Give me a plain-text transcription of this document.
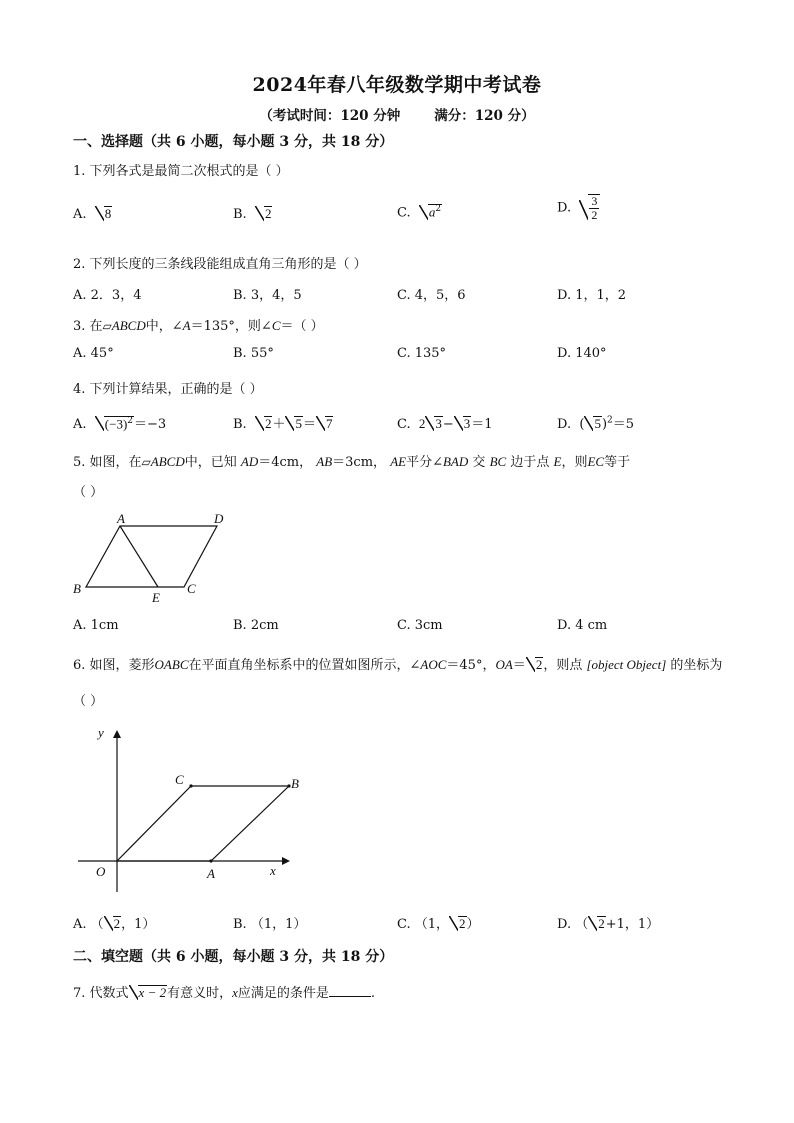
2024年春八年级数学期中考试卷
（考试时间：120 分钟	满分：120 分）
一、选择题（共 6 小题，每小题 3 分，共 18 分）
1. 下列各式是最简二次根式的是（ ）
A. 8	B. 2	C. $a^2$	D. $\frac{3}{2}$
2. 下列长度的三条线段能组成直角三角形的是（ ）
A. 2．3，4	B. 3，4，5	C. 4，5，6	D. 1，1，2
3. 在▱ABCD中，∠A＝135°，则∠C＝（ ）
A. 45°	B. 55°	C. 135°	D. 140°
4. 下列计算结果，正确的是（ ）
A. $(-3)^2=-3$	B. 2＋ 5＝ 7	C. 2 3− 3＝1	D. ( 5)$^2$＝5
5. 如图，在▱ABCD中，已知 AD＝4cm， AB＝3cm， AE平分∠BAD 交 BC 边于点 E，则EC等于
（ ）
A	D
B	C
E
A. 1cm	B. 2cm	C. 3cm	D. 4 cm
6. 如图，菱形OABC在平面直角坐标系中的位置如图所示，∠AOC＝45°，OA＝ 2，则点 [object Object] 的坐标为
（ ）
y
x
O	A
C	B
A. （ 2，1）	B. （1，1）	C. （1， 2）	D. （ 2+1，1）
二、填空题（共 6 小题，每小题 3 分，共 18 分）
7. 代数式 x − 2有意义时，x应满足的条件是	.
